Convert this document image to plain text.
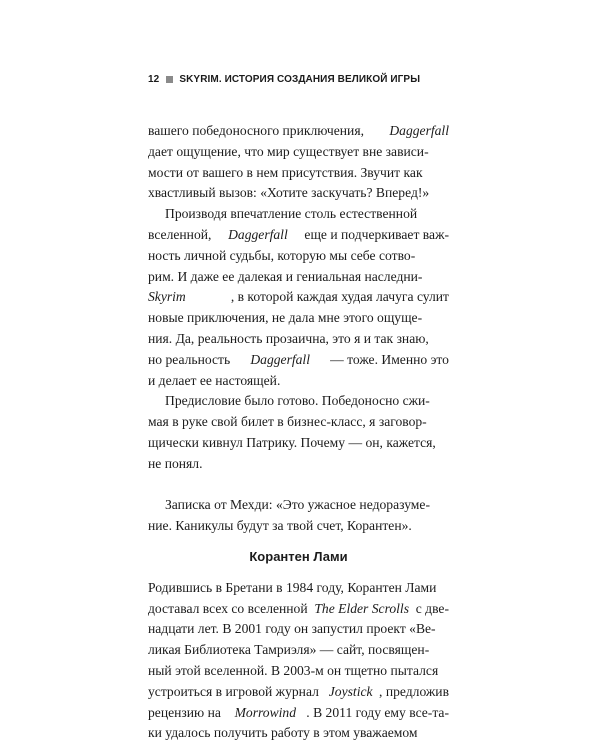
12 SKYRIM. ИСТОРИЯ СОЗДАНИЯ ВЕЛИКОЙ ИГРЫ
вашего победоносного приключения, Daggerfall
дает ощущение, что мир существует вне зависи-
мости от вашего в нем присутствия. Звучит как
хвастливый вызов: «Хотите заскучать? Вперед!»
Производя впечатление столь естественной
вселенной, Daggerfall еще и подчеркивает важ-
ность личной судьбы, которую мы себе сотво-
рим. И даже ее далекая и гениальная наследни-
Skyrim	, в которой каждая худая лачуга сулит
новые приключения, не дала мне этого ощуще-
ния. Да, реальность прозаична, это я и так знаю,
но реальность Daggerfall — тоже. Именно это
и делает ее настоящей.
Предисловие было готово. Победоносно сжи-
мая в руке свой билет в бизнес-класс, я заговор-
щически кивнул Патрику. Почему — он, кажется,
не понял.
Записка от Мехди: «Это ужасное недоразуме-
ние. Каникулы будут за твой счет, Корантен».
Корантен Лами
Родившись в Бретани в 1984 году, Корантен Лами
доставал всех со вселенной The Elder Scrolls с две-
надцати лет. В 2001 году он запустил проект «Ве-
ликая Библиотека Тамриэля» — сайт, посвящен-
ный этой вселенной. В 2003-м он тщетно пытался
устроиться в игровой журнал Joystick , предложив
рецензию на Morrowind . В 2011 году ему все-та-
ки удалось получить работу в этом уважаемом
